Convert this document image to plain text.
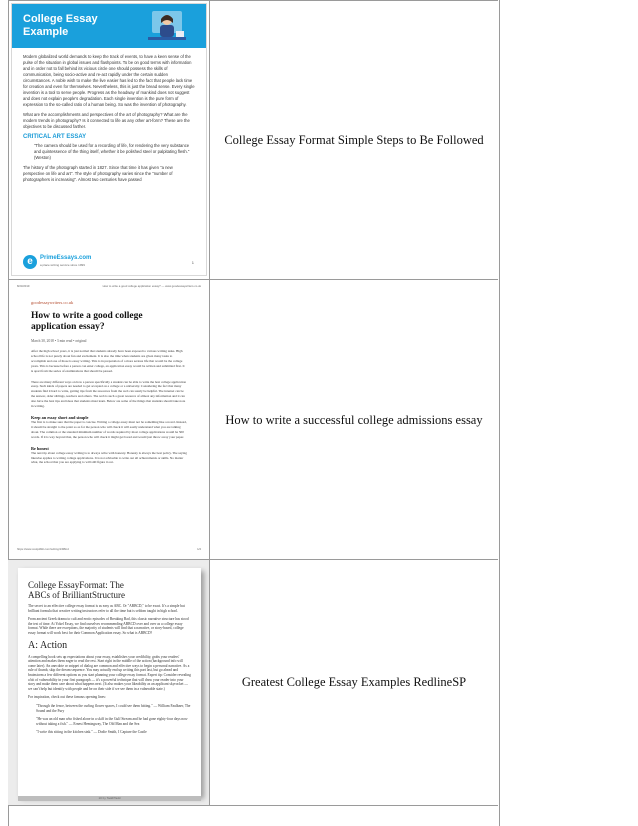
College Essay
Example
Modern globalized world demands to keep the track of events, to have a keen sense of the pulse of the situation in global issues and flashpoints. To be on good terms with information and in order not to fall behind its vicious circle one should possess the skills of communication, being socio-active and re-act rapidly under the certain sudden circumstances. A noble wish to make the live easier has led to the fact that people lack time for creation and even for themselves. Nevertheless, this is just the bread sense. Every single invention is a tool to serve people. Progress as the headway of mankind does not suggest and does not explain people's degradation. Each single invention is the pure form of expression to the so-called ratio of a human being. So was the invention of photography.
What are the accomplishments and perspectives of the art of photography? What are the modern trends in photography? Is it connected to life as any other art-form? These are the objectives to be discussed farther.
CRITICAL ART ESSAY
"The camera should be used for a recording of life, for rendering the very substance and quintessence of the thing itself, whether it be polished steel or palpitating flesh." (Weston)
The history of the photograph started in 1827. Since that time it has given "a new perspective on life and art". The style of photography varies since the "number of photographers is increasing". Almost two centuries have passed
e	PrimeEssays.com
a place writing service since 1999	1
College Essay Format Simple Steps to Be Followed
8/23/2019	How to write a good college application essay? — www.goodessaywriters.co.uk
goodessaywriters.co.uk
How to write a good college application essay?
March 30, 2018 • 3 min read • original
After the high school years, it is just normal that students already have been exposed to various writing tasks. High school life is not purely about fun and excitement. It is also the time when students are given many tasks to accomplish and one of those is essay writing. This is in preparation of a more serious life that would be the college years. This is because before a person can enter college, an application essay would be written and submitted first. It is apart from the series of examinations that should be passed.
There are many different ways on how a person specifically a student can be able to write the best college application essay. Such kinds of papers are needed to get accepted on a college or a university. Considering the fact that many students find it hard to write, getting tips from the resources from the web can surely be helpful. The internet can be the answer, older siblings, teachers and others. The web is such a great resource of almost any information and it can also have the best tips and ideas that students must learn. Below are some of the things that students should take note in writing.
Keep an essay short and simple
The first is to make sure that the paper is concise. Writing a college essay must not be something like a novel. Instead, it should be straight to the point so as for the person who will check it will easily understand what you are talking about. The common or the standard minimum number of words required by most college applications would be 500 words. If it is way beyond that, the person who will check it might get bored and would just throw away your paper.
Be honest
The next tip about college essay writing is to always write with honesty. Honesty is always the best policy. The saying likewise applies to writing college applications. It is not advisable to write out all achievements or skills. No matter what, the school that you are applying to will still figure it out.
https://www.coolpdfkit.com/writing/1/98ind	1/2
How to write a successful college admissions essay
College EssayFormat: The
ABCs of BrilliantStructure
The secret to an effective college essay format is as easy as ABC. Or "ABBCD," to be exact. It's a simple but brilliant formula that creative writing instructors refer to all the time but is seldom taught in high school.
From ancient Greek drama to cult and erotic episodes of Breaking Bad, this classic narrative structure has stood the test of time. At Yokel Essay, we find ourselves recommending ABBCD over and over as a college essay format. While there are exceptions, the majority of students will find that a narrative, or story-based, college essay format will work best for their Common Application essay. So what is ABBCD?
A: Action
A compelling hook sets up expectations about your essay, establishes your credibility, grabs your readers' attention and makes them eager to read the rest. Start right in the middle of the action (background info will come later). An anecdote or snippet of dialog are common and effective ways to begin a personal narrative. As a rule of thumb, skip the dream sequence. You may actually end up writing this part last, but go ahead and brainstorm a few different options as you start planning your college essay format. Expert tip: Consider revealing a bit of vulnerability in your first paragraph — it's a powerful technique that will draw your reader into your story and make them care about what happens next. (It also makes your likeability as an applicant skyrocket — we can't help but identify with people and be on their side if we see them in a vulnerable state.)
For inspiration, check out these famous opening lines:
"Through the fence, between the curling flower spaces, I could see them hitting." — William Faulkner, The Sound and the Fury
"He was an old man who fished alone in a skiff in the Gulf Stream and he had gone eighty-four days now without taking a fish." — Ernest Hemingway, The Old Man and the Sea
"I write this sitting in the kitchen sink." — Dodie Smith, I Capture the Castle
10 by Tadd/Tadd
Greatest College Essay Examples RedlineSP
